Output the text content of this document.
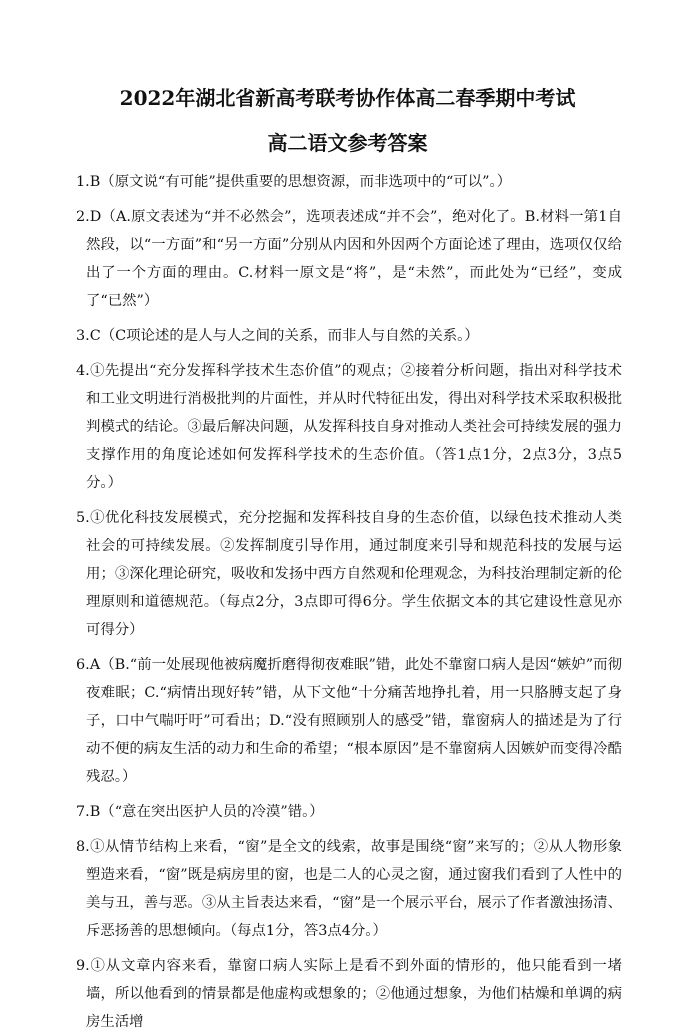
2022年湖北省新高考联考协作体高二春季期中考试
高二语文参考答案
1.B（原文说“有可能”提供重要的思想资源，而非选项中的“可以”。）
2.D（A.原文表述为“并不必然会”，选项表述成“并不会”，绝对化了。B.材料一第1自然段，以“一方面”和“另一方面”分别从内因和外因两个方面论述了理由，选项仅仅给出了一个方面的理由。C.材料一原文是“将”，是“未然”，而此处为“已经”，变成了“已然”）
3.C（C项论述的是人与人之间的关系，而非人与自然的关系。）
4.①先提出“充分发挥科学技术生态价值”的观点；②接着分析问题，指出对科学技术和工业文明进行消极批判的片面性，并从时代特征出发，得出对科学技术采取积极批判模式的结论。③最后解决问题，从发挥科技自身对推动人类社会可持续发展的强力支撑作用的角度论述如何发挥科学技术的生态价值。（答1点1分，2点3分，3点5分。）
5.①优化科技发展模式，充分挖掘和发挥科技自身的生态价值，以绿色技术推动人类社会的可持续发展。②发挥制度引导作用，通过制度来引导和规范科技的发展与运用；③深化理论研究，吸收和发扬中西方自然观和伦理观念，为科技治理制定新的伦理原则和道德规范。（每点2分，3点即可得6分。学生依据文本的其它建设性意见亦可得分）
6.A（B.“前一处展现他被病魔折磨得彻夜难眠”错，此处不靠窗口病人是因“嫉妒”而彻夜难眠；C.“病情出现好转”错，从下文他“十分痛苦地挣扎着，用一只胳膊支起了身子，口中气喘吁吁”可看出；D.“没有照顾别人的感受”错，靠窗病人的描述是为了行动不便的病友生活的动力和生命的希望；“根本原因”是不靠窗病人因嫉妒而变得冷酷残忍。）
7.B（“意在突出医护人员的冷漠”错。）
8.①从情节结构上来看，“窗”是全文的线索，故事是围绕“窗”来写的；②从人物形象塑造来看，“窗”既是病房里的窗，也是二人的心灵之窗，通过窗我们看到了人性中的美与丑，善与恶。③从主旨表达来看，“窗”是一个展示平台，展示了作者激浊扬清、斥恶扬善的思想倾向。（每点1分，答3点4分。）
9.①从文章内容来看，靠窗口病人实际上是看不到外面的情形的，他只能看到一堵墙，所以他看到的情景都是他虚构或想象的；②他通过想象，为他们枯燥和单调的病房生活增
